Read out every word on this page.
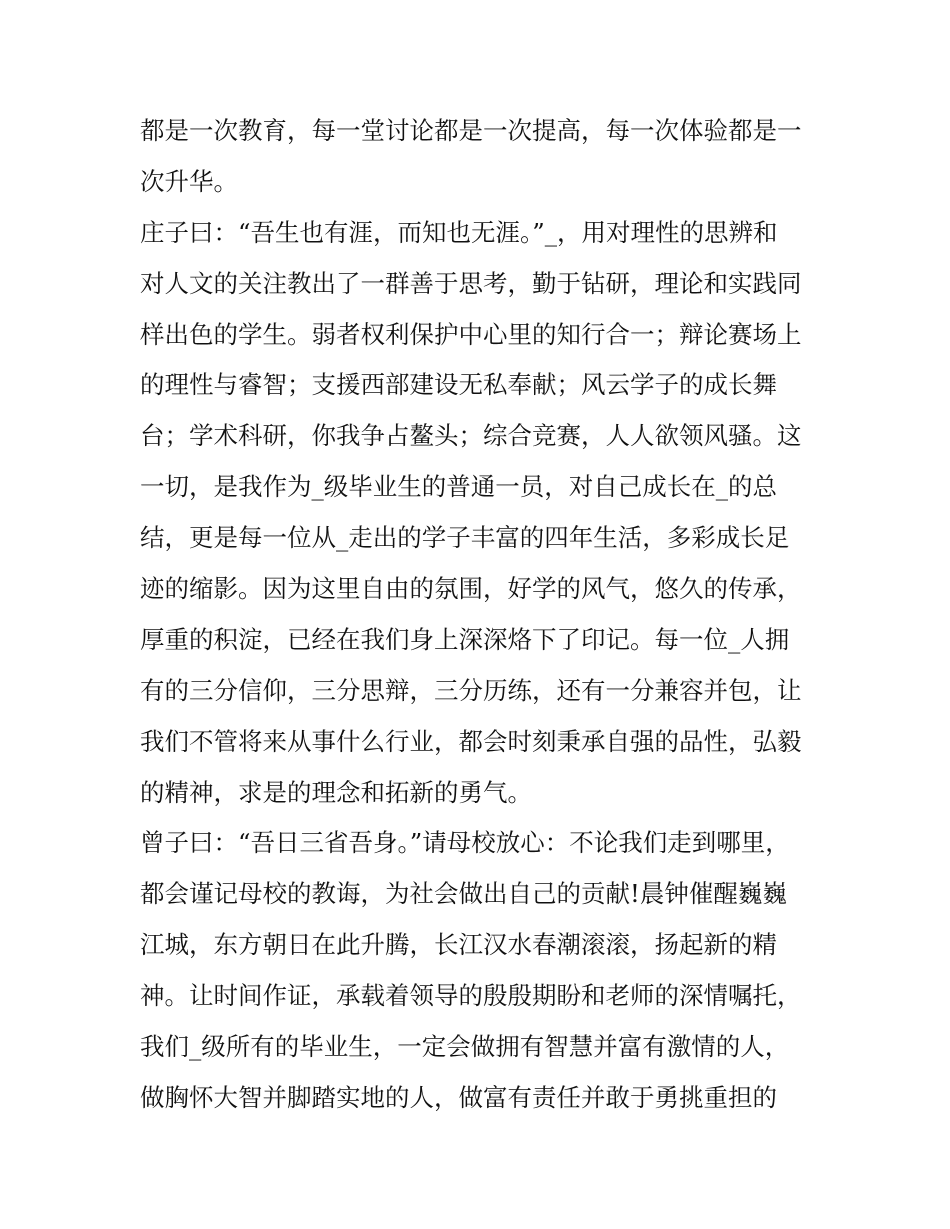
都是一次教育，每一堂讨论都是一次提高，每一次体验都是一
次升华。
庄子曰：“吾生也有涯，而知也无涯。”_，用对理性的思辨和
对人文的关注教出了一群善于思考，勤于钻研，理论和实践同
样出色的学生。弱者权利保护中心里的知行合一；辩论赛场上
的理性与睿智；支援西部建设无私奉献；风云学子的成长舞
台；学术科研，你我争占鳌头；综合竞赛，人人欲领风骚。这
一切，是我作为_级毕业生的普通一员，对自己成长在_的总
结，更是每一位从_走出的学子丰富的四年生活，多彩成长足
迹的缩影。因为这里自由的氛围，好学的风气，悠久的传承，
厚重的积淀，已经在我们身上深深烙下了印记。每一位_人拥
有的三分信仰，三分思辩，三分历练，还有一分兼容并包，让
我们不管将来从事什么行业，都会时刻秉承自强的品性，弘毅
的精神，求是的理念和拓新的勇气。
曾子曰：“吾日三省吾身。”请母校放心：不论我们走到哪里，
都会谨记母校的教诲，为社会做出自己的贡献!晨钟催醒巍巍
江城，东方朝日在此升腾，长江汉水春潮滚滚，扬起新的精
神。让时间作证，承载着领导的殷殷期盼和老师的深情嘱托，
我们_级所有的毕业生，一定会做拥有智慧并富有激情的人，
做胸怀大智并脚踏实地的人，做富有责任并敢于勇挑重担的
